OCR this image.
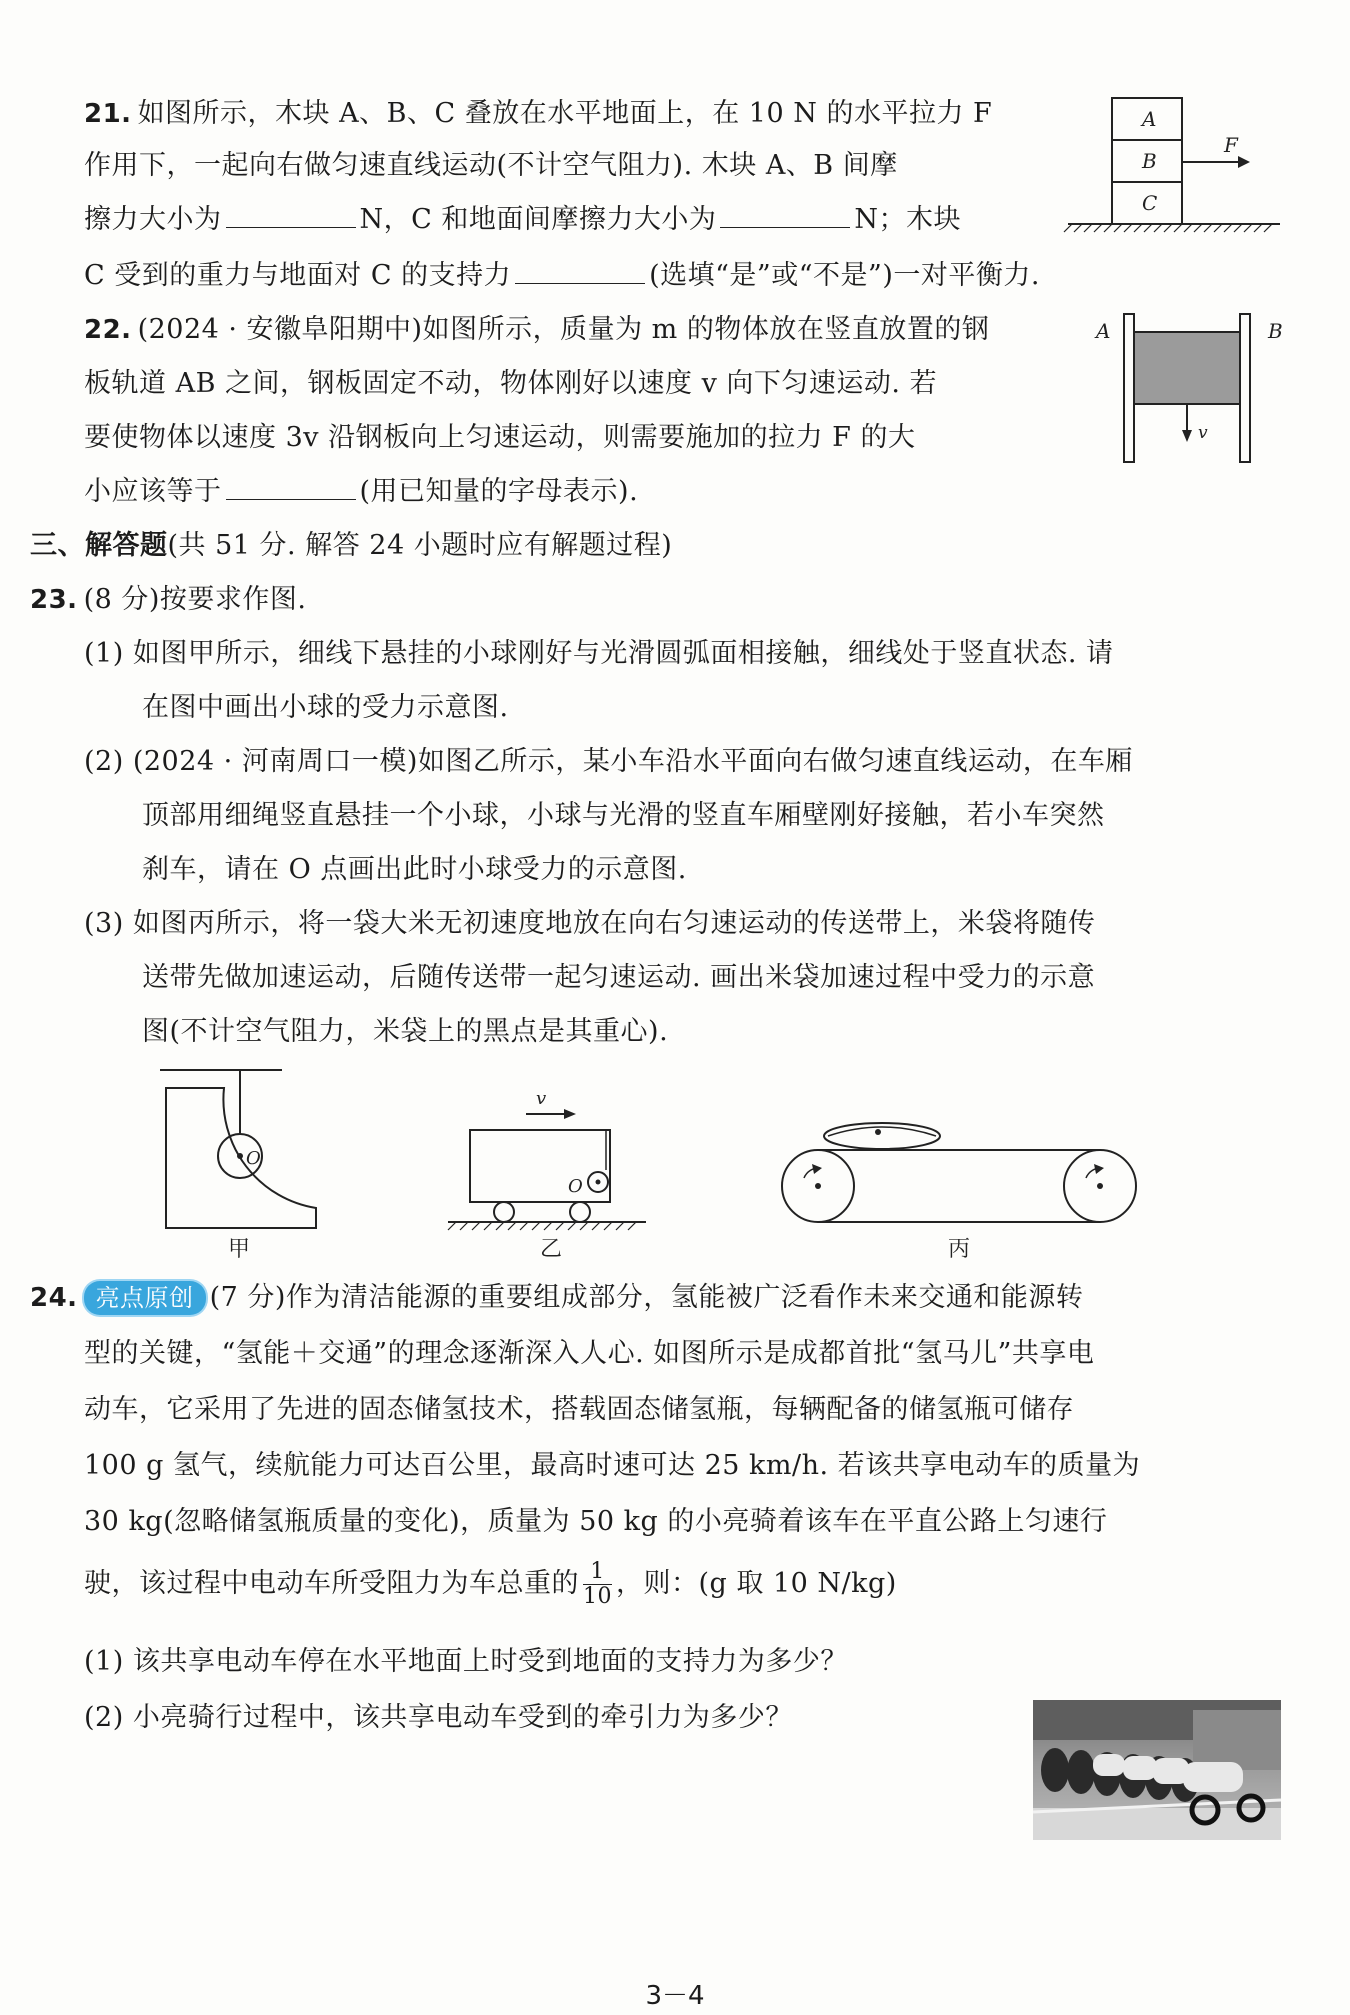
21. 如图所示，木块 A、B、C 叠放在水平地面上，在 10 N 的水平拉力 F
作用下，一起向右做匀速直线运动(不计空气阻力). 木块 A、B 间摩
擦力大小为	N，C 和地面间摩擦力大小为	N；木块
C 受到的重力与地面对 C 的支持力	(选填“是”或“不是”)一对平衡力.
A
B
C
F
22. (2024 · 安徽阜阳期中)如图所示，质量为 m 的物体放在竖直放置的钢
板轨道 AB 之间，钢板固定不动，物体刚好以速度 v 向下匀速运动. 若
要使物体以速度 3v 沿钢板向上匀速运动，则需要施加的拉力 F 的大
小应该等于	(用已知量的字母表示).
A	B
v
三、解答题(共 51 分. 解答 24 小题时应有解题过程)
23. (8 分)按要求作图.
(1) 如图甲所示，细线下悬挂的小球刚好与光滑圆弧面相接触，细线处于竖直状态. 请
在图中画出小球的受力示意图.
(2) (2024 · 河南周口一模)如图乙所示，某小车沿水平面向右做匀速直线运动，在车厢
顶部用细绳竖直悬挂一个小球，小球与光滑的竖直车厢壁刚好接触，若小车突然
刹车，请在 O 点画出此时小球受力的示意图.
(3) 如图丙所示，将一袋大米无初速度地放在向右匀速运动的传送带上，米袋将随传
送带先做加速运动，后随传送带一起匀速运动. 画出米袋加速过程中受力的示意
图(不计空气阻力，米袋上的黑点是其重心).
O
甲
v
O
乙	丙
24. 亮点原创 (7 分)作为清洁能源的重要组成部分，氢能被广泛看作未来交通和能源转
型的关键，“氢能＋交通”的理念逐渐深入人心. 如图所示是成都首批“氢马儿”共享电
动车，它采用了先进的固态储氢技术，搭载固态储氢瓶，每辆配备的储氢瓶可储存
100 g 氢气，续航能力可达百公里，最高时速可达 25 km/h. 若该共享电动车的质量为
30 kg(忽略储氢瓶质量的变化)，质量为 50 kg 的小亮骑着该车在平直公路上匀速行
驶，该过程中电动车所受阻力为车总重的 $\frac{1}{10}$ ，则：(g 取 10 N/kg)
(1) 该共享电动车停在水平地面上时受到地面的支持力为多少？
(2) 小亮骑行过程中，该共享电动车受到的牵引力为多少？
3－4
